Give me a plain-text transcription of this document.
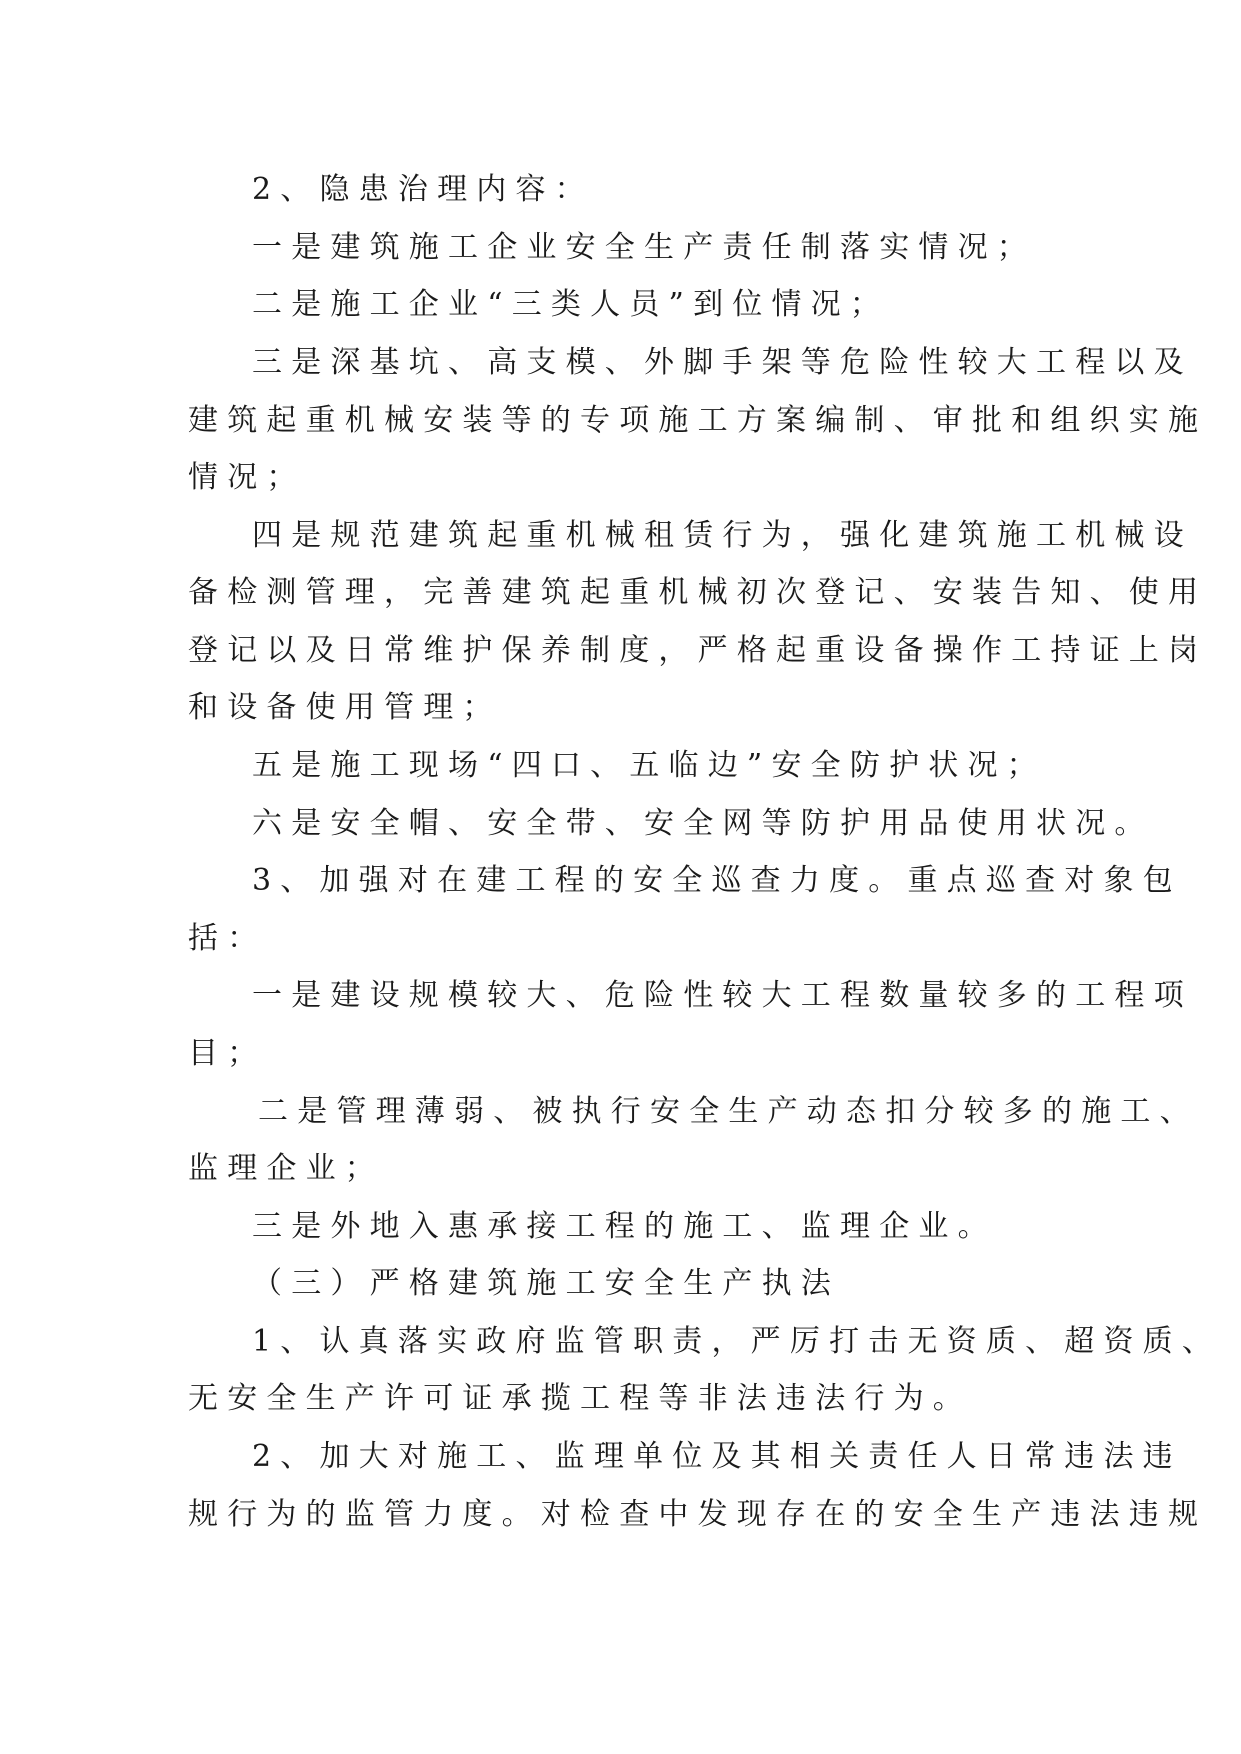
2、隐患治理内容：
一是建筑施工企业安全生产责任制落实情况；
二是施工企业“三类人员”到位情况；
三是深基坑、高支模、外脚手架等危险性较大工程以及
建筑起重机械安装等的专项施工方案编制、审批和组织实施
情况；
四是规范建筑起重机械租赁行为，强化建筑施工机械设
备检测管理，完善建筑起重机械初次登记、安装告知、使用
登记以及日常维护保养制度，严格起重设备操作工持证上岗
和设备使用管理；
五是施工现场“四口、五临边”安全防护状况；
六是安全帽、安全带、安全网等防护用品使用状况。
3、加强对在建工程的安全巡查力度。重点巡查对象包
括：
一是建设规模较大、危险性较大工程数量较多的工程项
目；
二是管理薄弱、被执行安全生产动态扣分较多的施工、
监理企业；
三是外地入惠承接工程的施工、监理企业。
（三）严格建筑施工安全生产执法
1、认真落实政府监管职责，严厉打击无资质、超资质、
无安全生产许可证承揽工程等非法违法行为。
2、加大对施工、监理单位及其相关责任人日常违法违
规行为的监管力度。对检查中发现存在的安全生产违法违规
